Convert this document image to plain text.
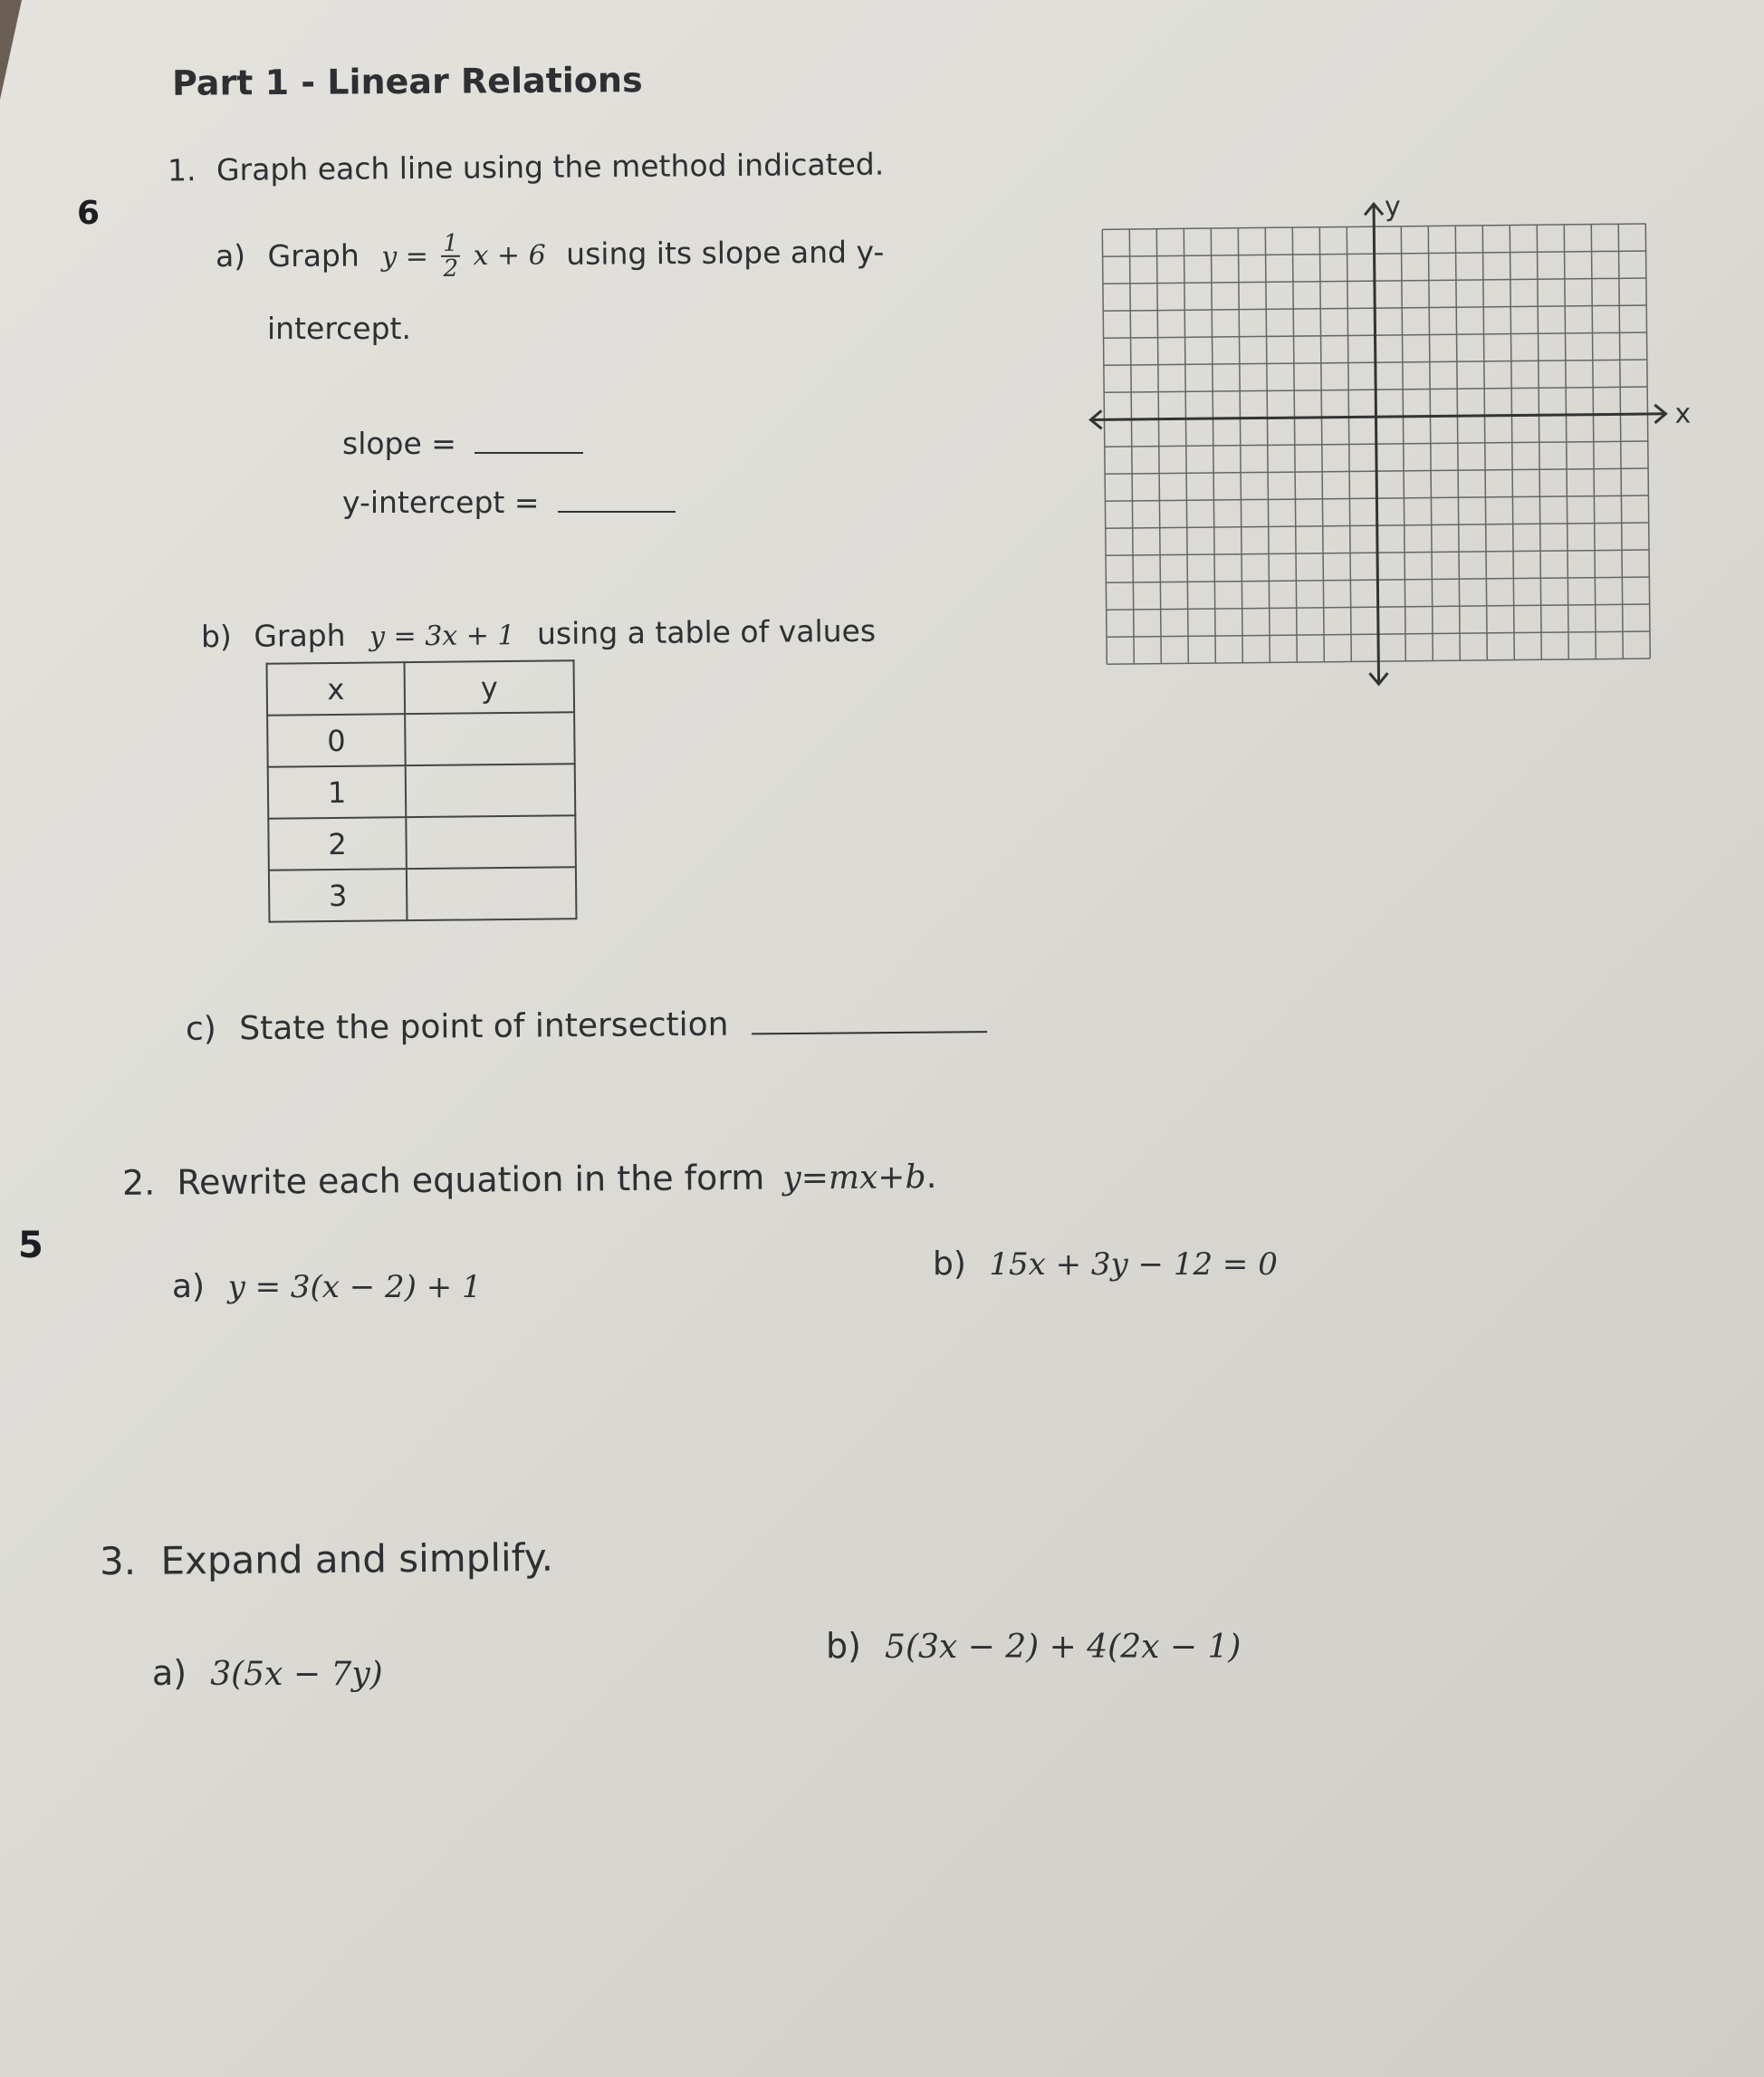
Part 1 - Linear Relations
1. Graph each line using the method indicated.
6
a) Graph $y = \frac{1}{2}$ x + 6 using its slope and y-
intercept.
slope =
y-intercept =
b) Graph y = 3x + 1 using a table of values
x	y
0	
1	
2	
3	
c) State the point of intersection
x
y
2. Rewrite each equation in the form y=mx+b.
5
a) y = 3(x − 2) + 1
b) 15x + 3y − 12 = 0
3. Expand and simplify.
a) 3(5x − 7y)
b) 5(3x − 2) + 4(2x − 1)
